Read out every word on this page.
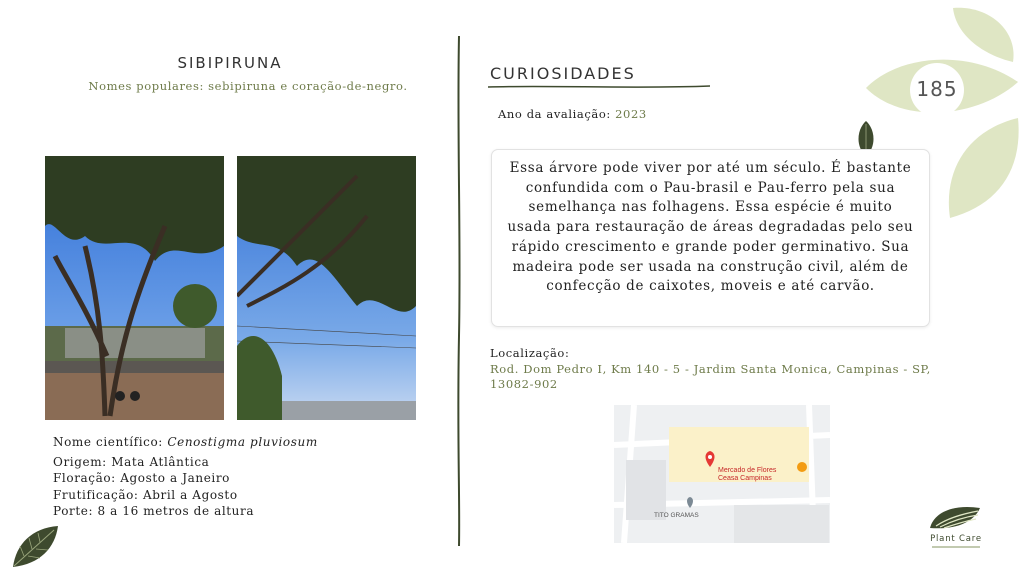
185
SIBIPIRUNA
Nomes populares: sebipiruna e coração-de-negro.
Nome científico: Cenostigma pluviosum
Origem: Mata Atlântica
Floração: Agosto a Janeiro
Frutificação: Abril a Agosto
Porte: 8 a 16 metros de altura
CURIOSIDADES
Ano da avaliação: 2023

Essa árvore pode viver por até um século. É bastante confundida com o Pau-brasil e Pau-ferro pela sua semelhança nas folhagens. Essa espécie é muito usada para restauração de áreas degradadas pelo seu rápido crescimento e grande poder germinativo. Sua madeira pode ser usada na construção civil, além de confecção de caixotes, moveis e até carvão.

Localização:
Rod. Dom Pedro I, Km 140 - 5 - Jardim Santa Monica, Campinas - SP,
13082-902
Mercado de Flores
Ceasa Campinas
TITO GRAMAS
Plant Care
